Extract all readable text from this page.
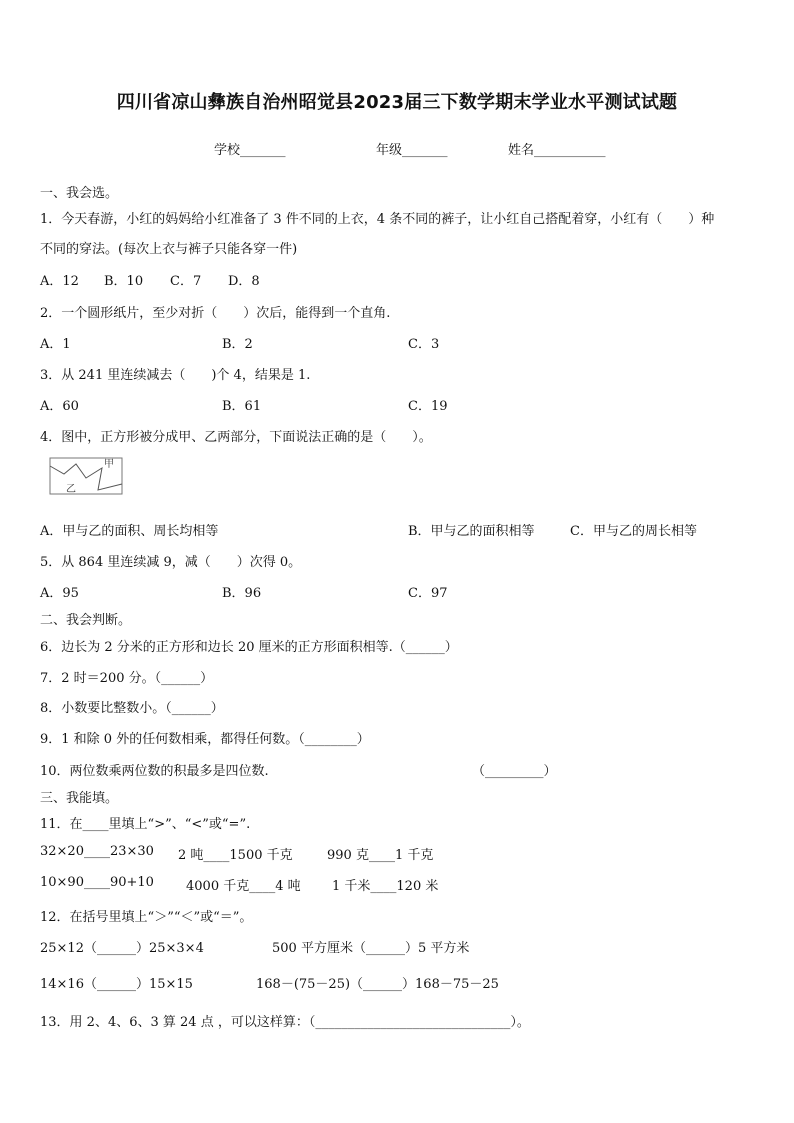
四川省凉山彝族自治州昭觉县2023届三下数学期末学业水平测试试题
学校_______	年级_______	姓名___________
一、我会选。
1．今天春游，小红的妈妈给小红准备了 3 件不同的上衣，4 条不同的裤子，让小红自己搭配着穿，小红有（　　）种
不同的穿法。(每次上衣与裤子只能各穿一件)
A．12 B．10 C．7 D．8
2．一个圆形纸片，至少对折（　　）次后，能得到一个直角.
A．1	B．2	C．3
3．从 241 里连续减去（　　)个 4，结果是 1.
A．60	B．61	C．19
4．图中，正方形被分成甲、乙两部分，下面说法正确的是（　　）。
甲
乙
A．甲与乙的面积、周长均相等	B．甲与乙的面积相等	C．甲与乙的周长相等
5．从 864 里连续减 9，减（　　）次得 0。
A．95	B．96	C．97
二、我会判断。
6．边长为 2 分米的正方形和边长 20 厘米的正方形面积相等.（______）
7．2 时＝200 分。（______）
8．小数要比整数小。（______）
9．1 和除 0 外的任何数相乘，都得任何数。（________）
10．两位数乘两位数的积最多是四位数.	（_________）
三、我能填。
11．在____里填上“>”、“<”或“=”.
32×20____23×30 2 吨____1500 千克	990 克____1 千克
10×90____90+10 4000 千克____4 吨 1 千米____120 米
12．在括号里填上“＞”“＜”或“＝”。
25×12（______）25×3×4	500 平方厘米（______）5 平方米
14×16（______）15×15	168－(75－25)（______）168－75－25
13．用 2、4、6、3 算 24 点 ，可以这样算：（______________________________）。
